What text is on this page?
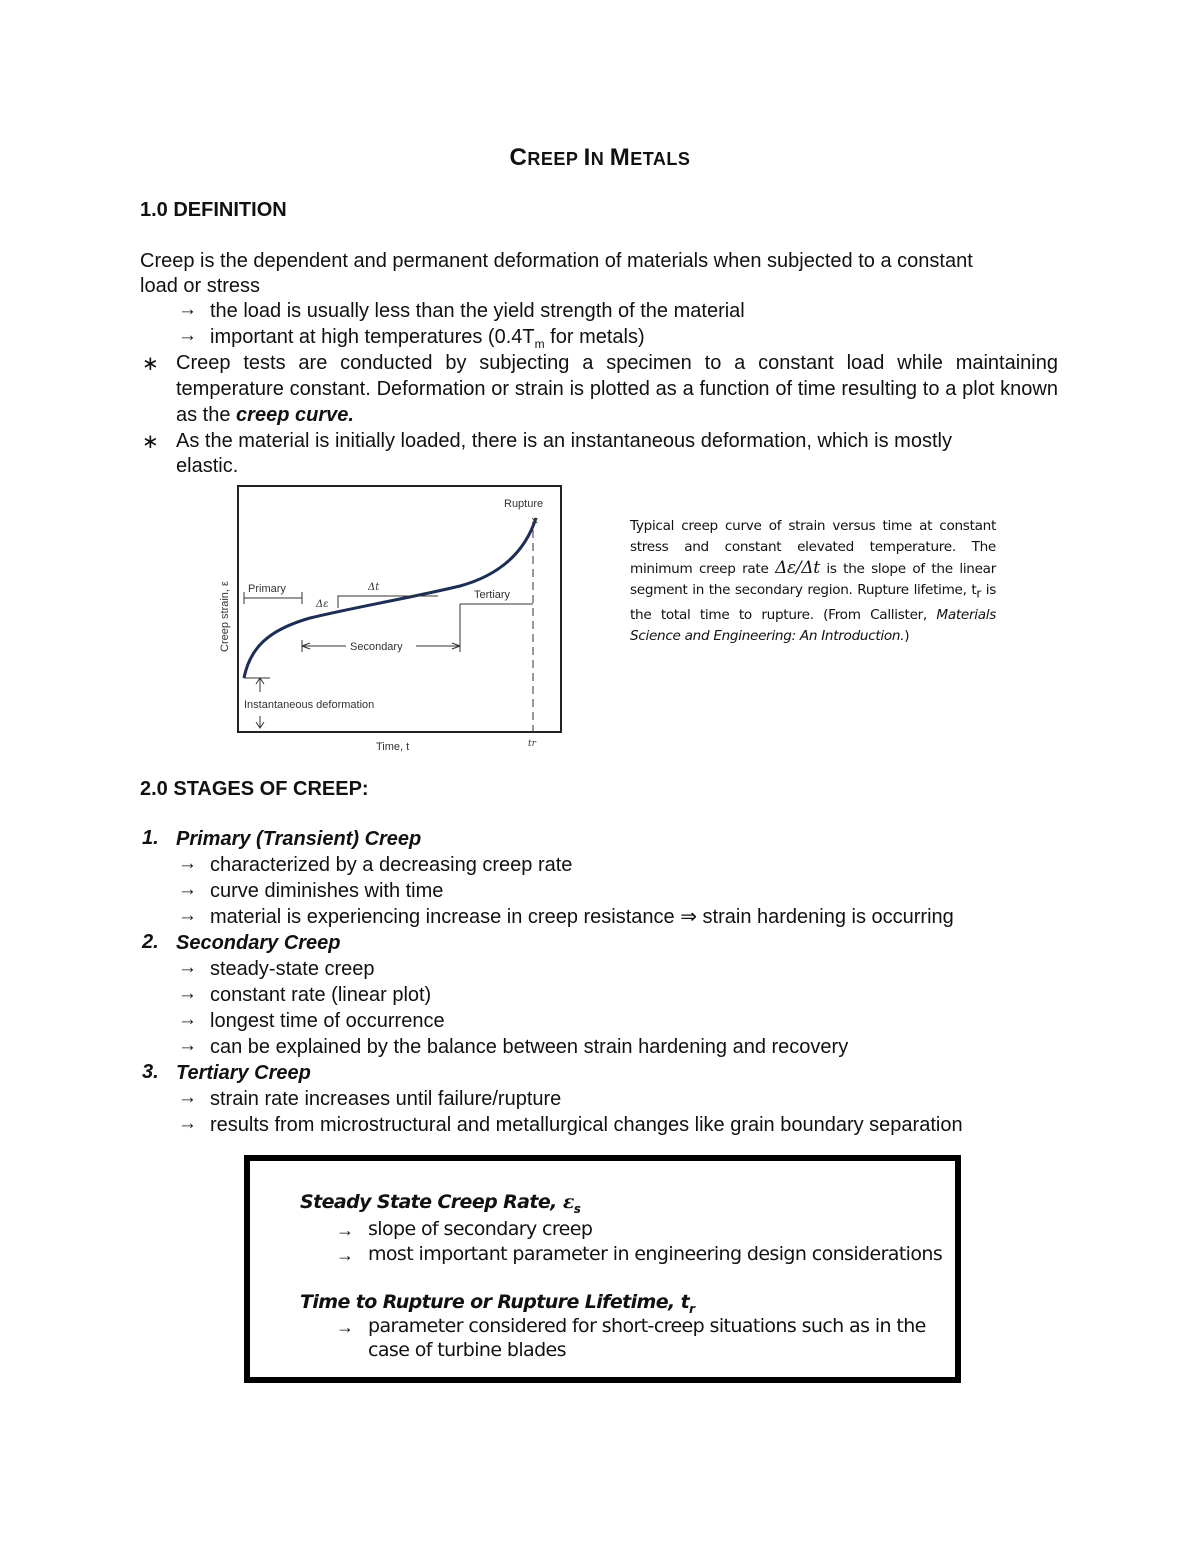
CREEP IN METALS
1.0 DEFINITION
Creep is the dependent and permanent deformation of materials when subjected to a constant
load or stress
→ the load is usually less than the yield strength of the material
→ important at high temperatures ($0.4T_m$ for metals)
∗ Creep tests are conducted by subjecting a specimen to a constant load while maintaining temperature constant. Deformation or strain is plotted as a function of time resulting to a plot known as the creep curve.
∗ As the material is initially loaded, there is an instantaneous deformation, which is mostly
elastic.
Creep strain, ε
×
Rupture
tr
Primary
Δε
Δt
Secondary
Tertiary
Instantaneous deformation
Time, t
Typical creep curve of strain versus time at constant stress and constant elevated temperature. The minimum creep rate Δε/Δt is the slope of the linear segment in the secondary region. Rupture lifetime, $t_r$ is the total time to rupture. (From Callister, Materials Science and Engineering: An Introduction.)
2.0 STAGES OF CREEP:
1. Primary (Transient) Creep
→ characterized by a decreasing creep rate
→ curve diminishes with time
→ material is experiencing increase in creep resistance ⇒ strain hardening is occurring
2. Secondary Creep
→ steady-state creep
→ constant rate (linear plot)
→ longest time of occurrence
→ can be explained by the balance between strain hardening and recovery
3. Tertiary Creep
→ strain rate increases until failure/rupture
→ results from microstructural and metallurgical changes like grain boundary separation
Steady State Creep Rate, $\varepsilon_s$
→ slope of secondary creep
→ most important parameter in engineering design considerations
Time to Rupture or Rupture Lifetime, $t_r$
→ parameter considered for short-creep situations such as in the
case of turbine blades
